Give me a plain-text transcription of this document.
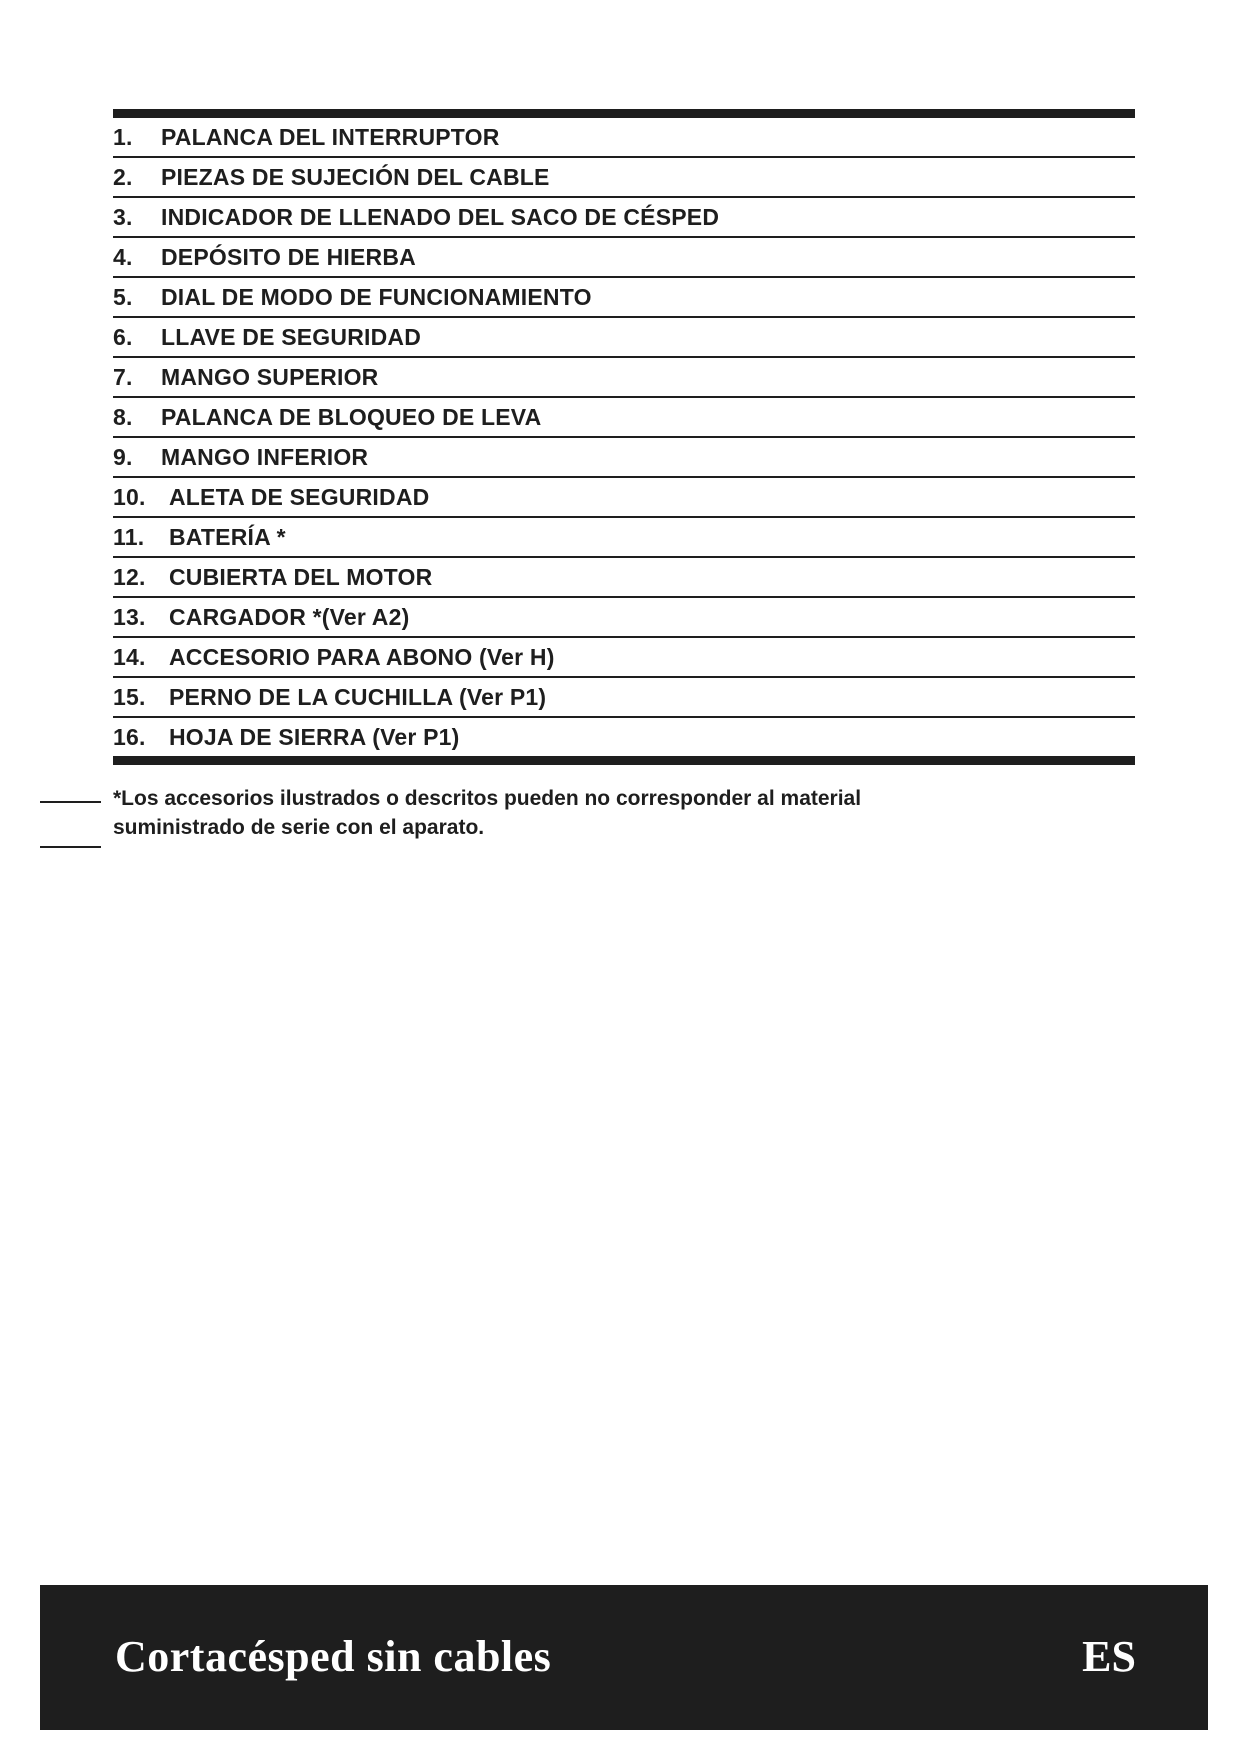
1.	PALANCA DEL INTERRUPTOR
2.	PIEZAS DE SUJECIÓN DEL CABLE
3.	INDICADOR DE LLENADO DEL SACO DE CÉSPED
4.	DEPÓSITO DE HIERBA
5.	DIAL DE MODO DE FUNCIONAMIENTO
6.	LLAVE DE SEGURIDAD
7.	MANGO SUPERIOR
8.	PALANCA DE BLOQUEO DE LEVA
9.	MANGO INFERIOR
10.	ALETA DE SEGURIDAD
11.	BATERÍA *
12.	CUBIERTA DEL MOTOR
13.	CARGADOR *(Ver A2)
14.	ACCESORIO PARA ABONO (Ver H)
15.	PERNO DE LA CUCHILLA (Ver P1)
16.	HOJA DE SIERRA (Ver P1)

*Los accesorios ilustrados o descritos pueden no corresponder al material
suministrado de serie con el aparato.

Cortacésped sin cables	ES
